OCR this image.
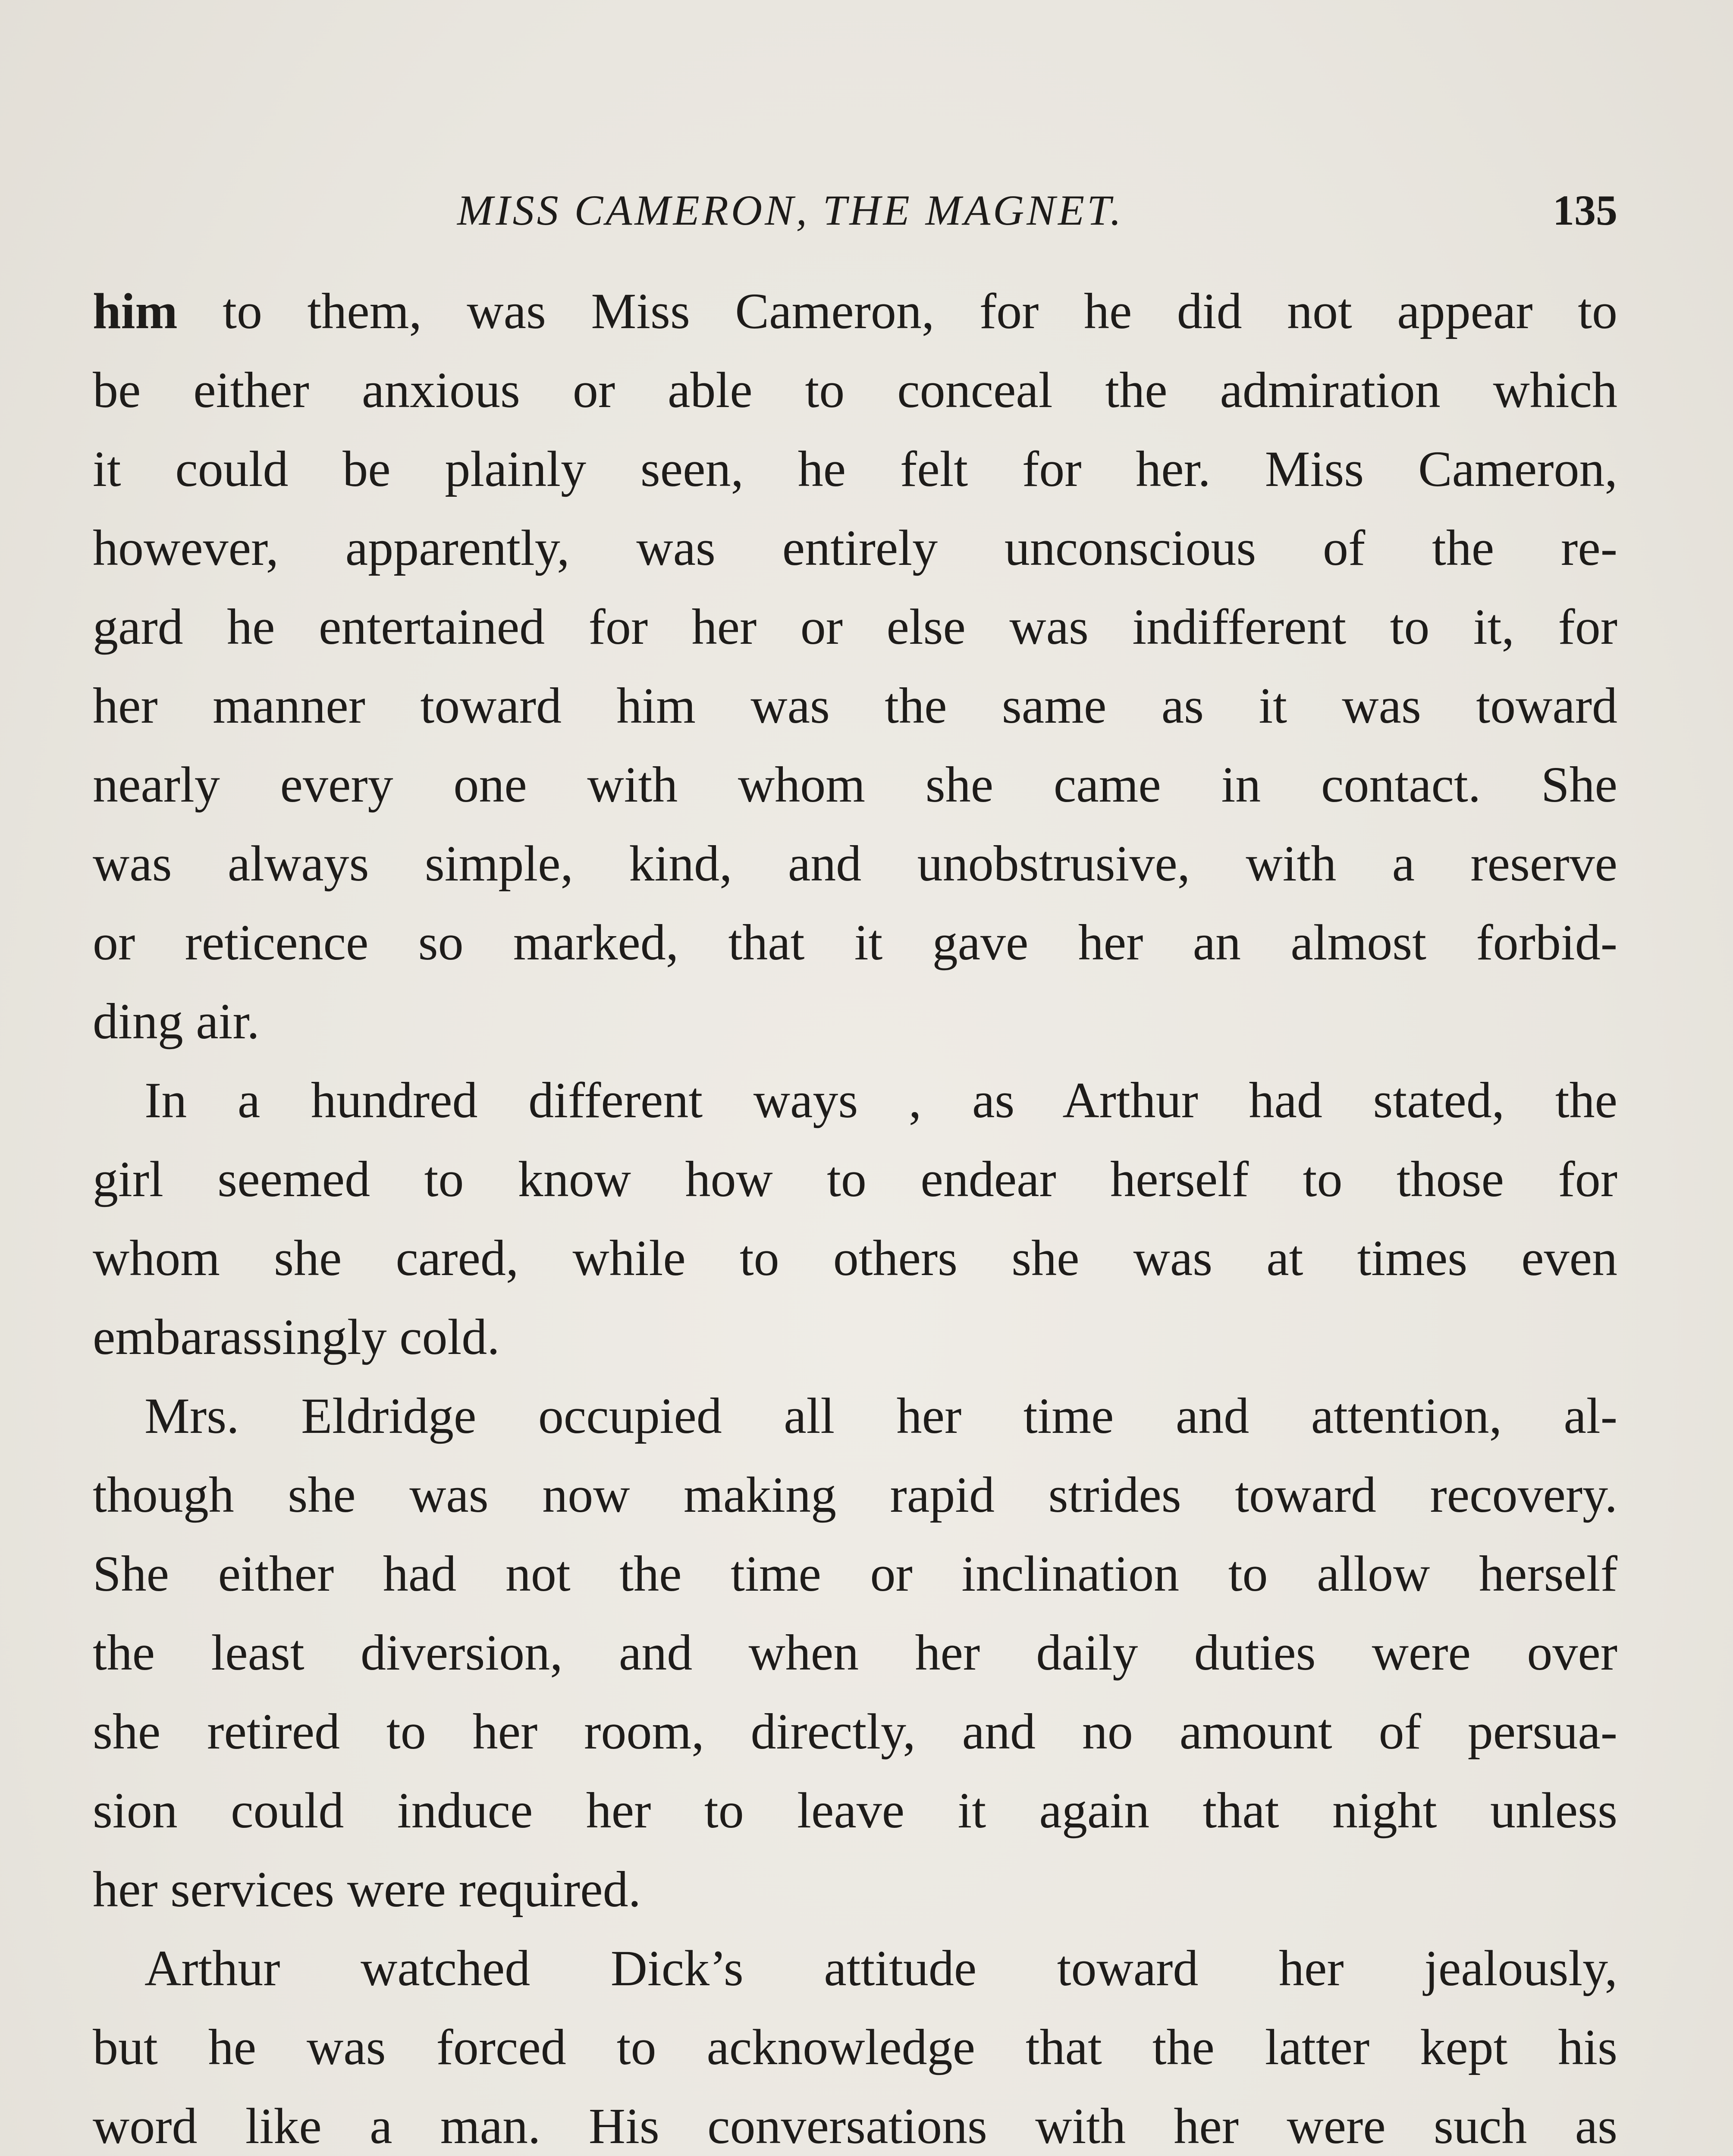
MISS CAMERON, THE MAGNET.	135
him to them, was Miss Cameron, for he did not appear to
be either anxious or able to conceal the admiration which
it could be plainly seen, he felt for her. Miss Cameron,
however, apparently, was entirely unconscious of the re-
gard he entertained for her or else was indifferent to it, for
her manner toward him was the same as it was toward
nearly every one with whom she came in contact. She
was always simple, kind, and unobstrusive, with a reserve
or reticence so marked, that it gave her an almost forbid-
ding air.
In a hundred different ways , as Arthur had stated, the
girl seemed to know how to endear herself to those for
whom she cared, while to others she was at times even
embarassingly cold.
Mrs. Eldridge occupied all her time and attention, al-
though she was now making rapid strides toward recovery.
She either had not the time or inclination to allow herself
the least diversion, and when her daily duties were over
she retired to her room, directly, and no amount of persua-
sion could induce her to leave it again that night unless
her services were required.
Arthur watched Dick’s attitude toward her jealously,
but he was forced to acknowledge that the latter kept his
word like a man. His conversations with her were such as
